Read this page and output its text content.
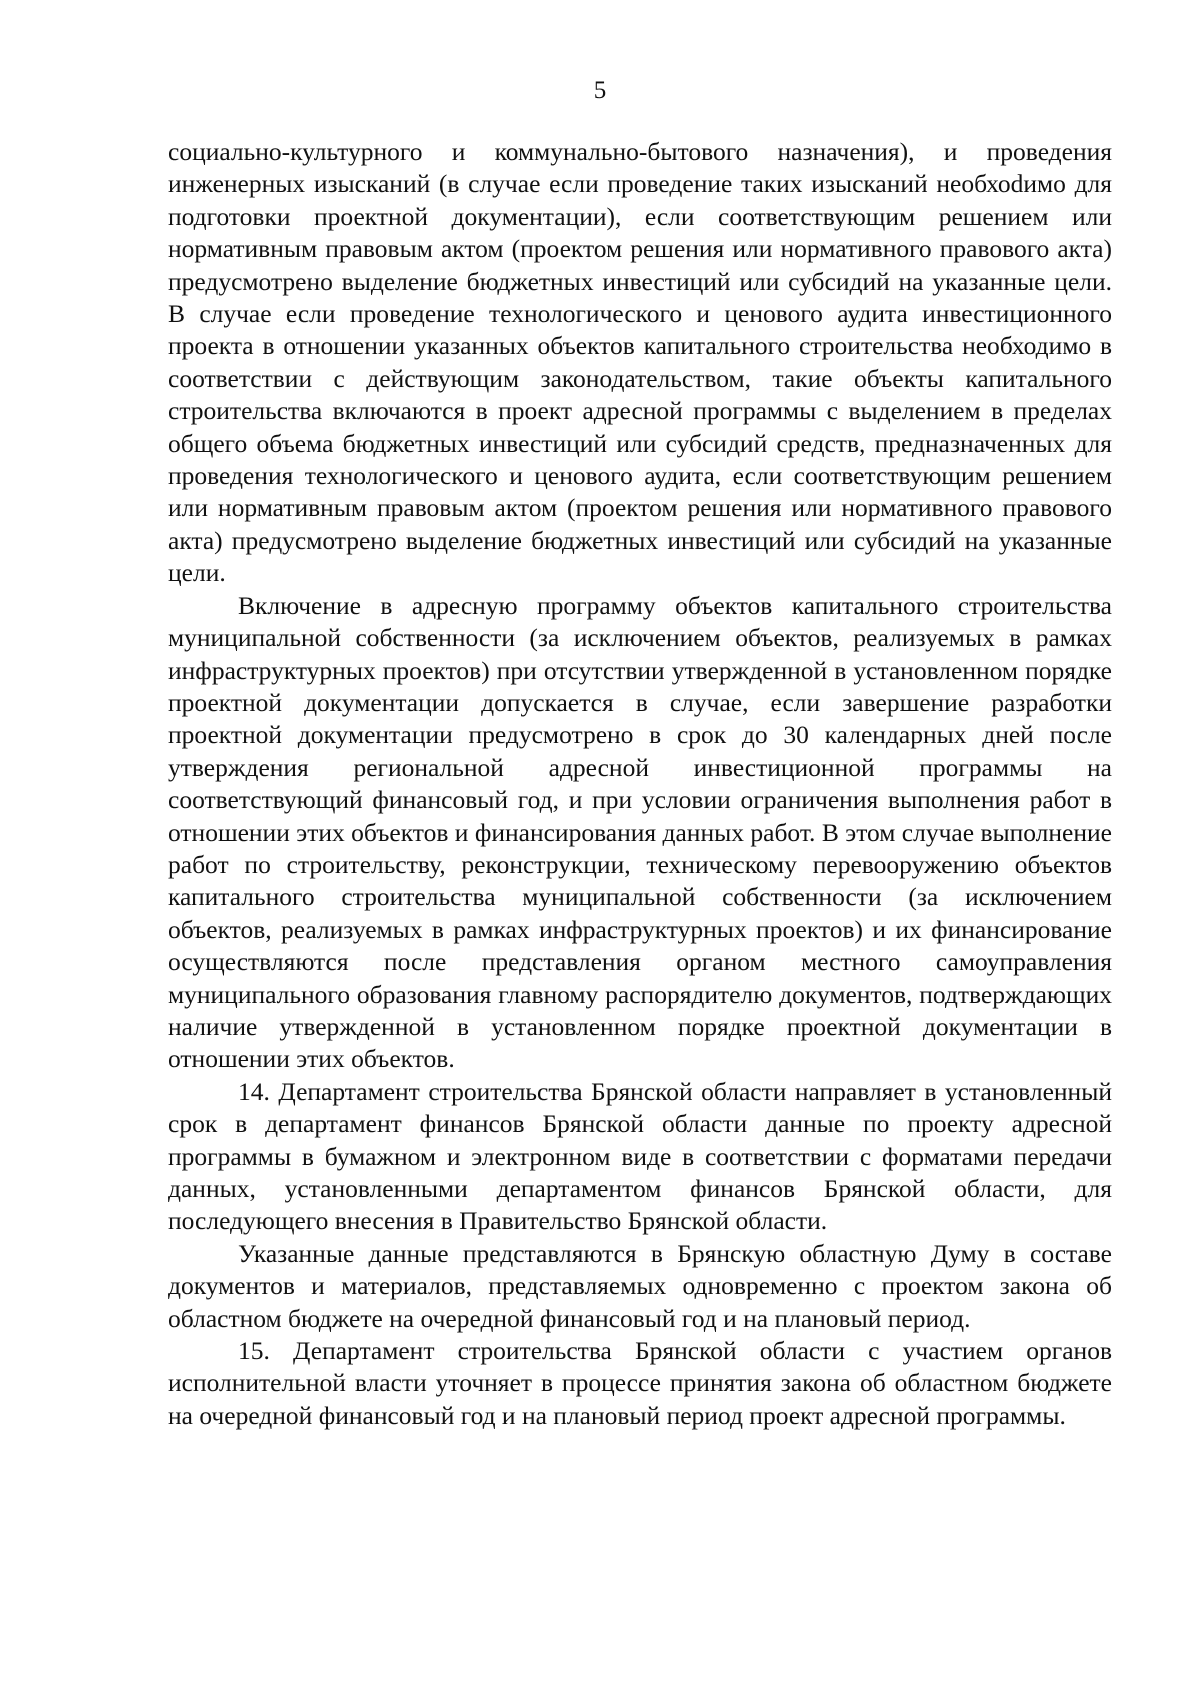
5

социально-культурного и коммунально-бытового назначения), и проведения инженерных изысканий (в случае если проведение таких изысканий необхоdимо для подготовки проектной документации), если соответствующим решением или нормативным правовым актом (проектом решения или нормативного правового акта) предусмотрено выделение бюджетных инвестиций или субсидий на указанные цели. В случае если проведение технологического и ценового аудита инвестиционного проекта в отношении указанных объектов капитального строительства необходимо в соответствии с действующим законодательством, такие объекты капитального строительства включаются в проект адресной программы с выделением в пределах общего объема бюджетных инвестиций или субсидий средств, предназначенных для проведения технологического и ценового аудита, если соответствующим решением или нормативным правовым актом (проектом решения или нормативного правового акта) предусмотрено выделение бюджетных инвестиций или субсидий на указанные цели.

Включение в адресную программу объектов капитального строительства муниципальной собственности (за исключением объектов, реализуемых в рамках инфраструктурных проектов) при отсутствии утвержденной в установленном порядке проектной документации допускается в случае, если завершение разработки проектной документации предусмотрено в срок до 30 календарных дней после утверждения региональной адресной инвестиционной программы на соответствующий финансовый год, и при условии ограничения выполнения работ в отношении этих объектов и финансирования данных работ. В этом случае выполнение работ по строительству, реконструкции, техническому перевооружению объектов капитального строительства муниципальной собственности (за исключением объектов, реализуемых в рамках инфраструктурных проектов) и их финансирование осуществляются после представления органом местного самоуправления муниципального образования главному распорядителю документов, подтверждающих наличие утвержденной в установленном порядке проектной документации в отношении этих объектов.

14. Департамент строительства Брянской области направляет в установленный срок в департамент финансов Брянской области данные по проекту адресной программы в бумажном и электронном виде в соответствии с форматами передачи данных, установленными департаментом финансов Брянской области, для последующего внесения в Правительство Брянской области.

Указанные данные представляются в Брянскую областную Думу в составе документов и материалов, представляемых одновременно с проектом закона об областном бюджете на очередной финансовый год и на плановый период.

15. Департамент строительства Брянской области с участием органов исполнительной власти уточняет в процессе принятия закона об областном бюджете на очередной финансовый год и на плановый период проект адресной программы.
